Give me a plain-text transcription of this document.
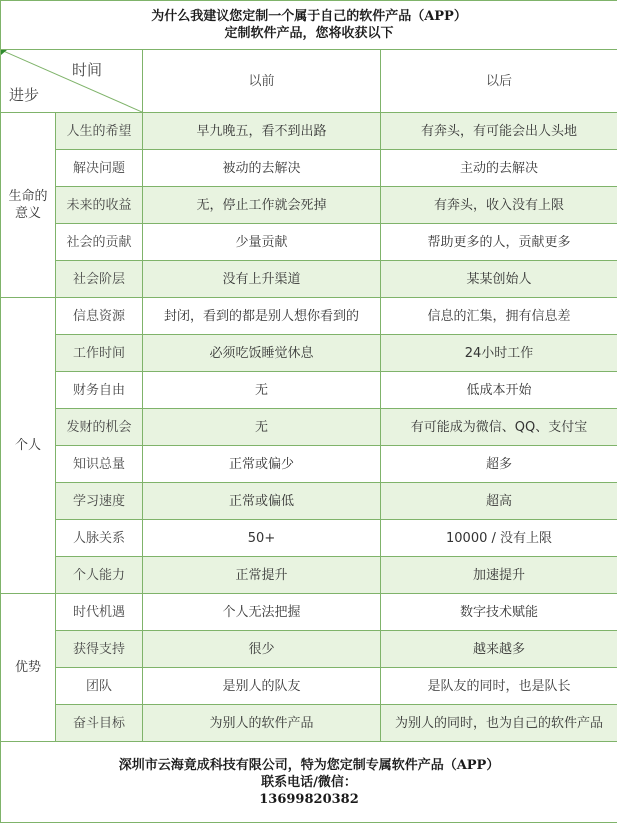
为什么我建议您定制一个属于自己的软件产品（APP）
定制软件产品，您将收获以下			

时间
进步		以前	以后

生命的
意义	人生的希望	早九晚五，看不到出路	有奔头，有可能会出人头地
	解决问题	被动的去解决	主动的去解决
	未来的收益	无，停止工作就会死掉	有奔头，收入没有上限
	社会的贡献	少量贡献	帮助更多的人，贡献更多
	社会阶层	没有上升渠道	某某创始人
个人	信息资源	封闭，看到的都是别人想你看到的	信息的汇集，拥有信息差
	工作时间	必须吃饭睡觉休息	24小时工作
	财务自由	无	低成本开始
	发财的机会	无	有可能成为微信、QQ、支付宝
	知识总量	正常或偏少	超多
	学习速度	正常或偏低	超高
	人脉关系	50+	10000 / 没有上限
	个人能力	正常提升	加速提升
优势	时代机遇	个人无法把握	数字技术赋能
	获得支持	很少	越来越多
	团队	是别人的队友	是队友的同时，也是队长
	奋斗目标	为别人的软件产品	为别人的同时，也为自己的软件产品

深圳市云海竟成科技有限公司，特为您定制专属软件产品（APP）
联系电话/微信：
13699820382			
